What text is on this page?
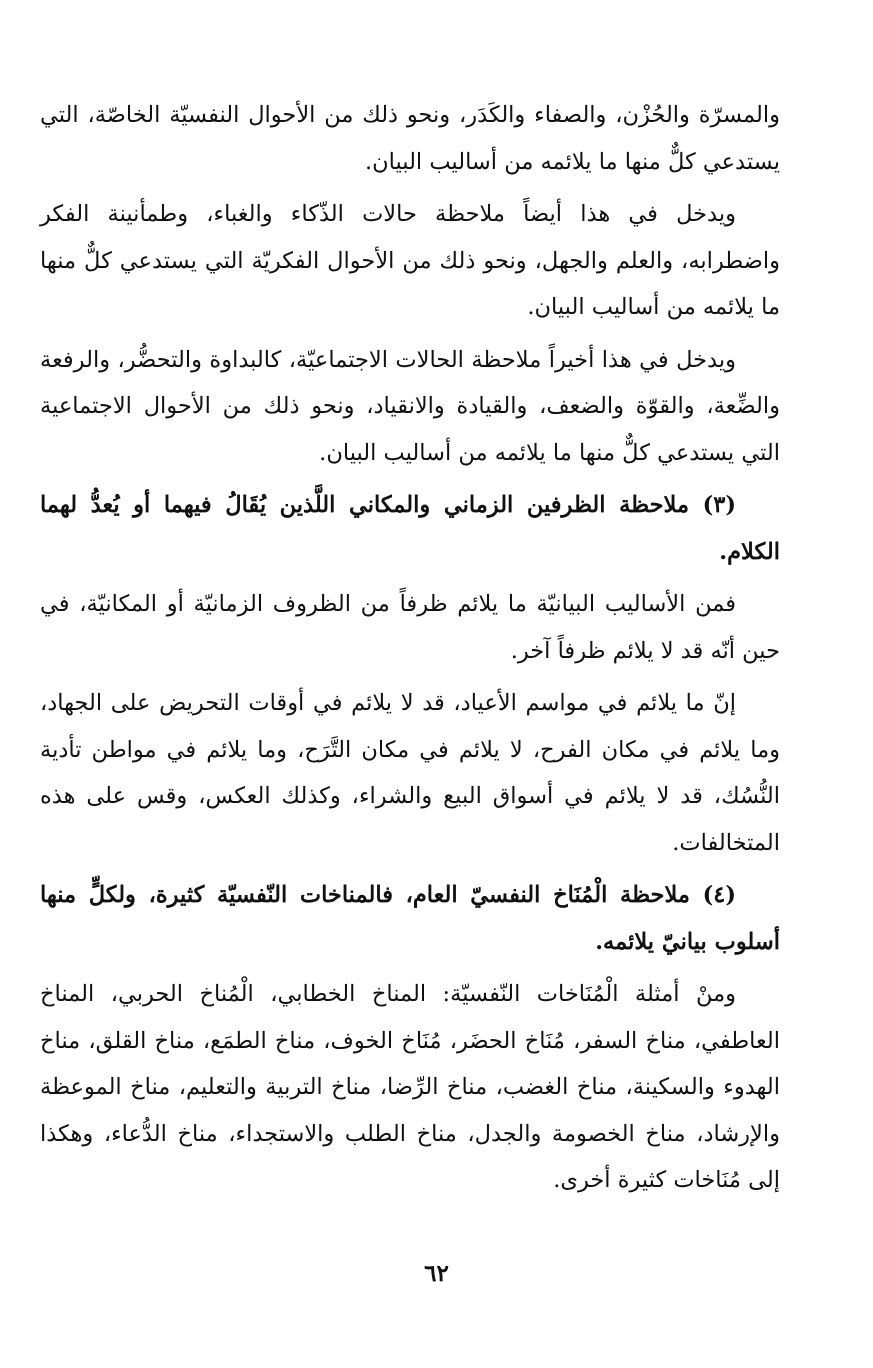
والمسرّة والحُزْن، والصفاء والكَدَر، ونحو ذلك من الأحوال النفسيّة الخاصّة، التي يستدعي كلٌّ منها ما يلائمه من أساليب البيان.

ويدخل في هذا أيضاً ملاحظة حالات الذّكاء والغباء، وطمأنينة الفكر واضطرابه، والعلم والجهل، ونحو ذلك من الأحوال الفكريّة التي يستدعي كلٌّ منها ما يلائمه من أساليب البيان.

ويدخل في هذا أخيراً ملاحظة الحالات الاجتماعيّة، كالبداوة والتحضُّر، والرفعة والضِّعة، والقوّة والضعف، والقيادة والانقياد، ونحو ذلك من الأحوال الاجتماعية التي يستدعي كلٌّ منها ما يلائمه من أساليب البيان.

(٣) ملاحظة الظرفين الزماني والمكاني اللَّذين يُقَالُ فيهما أو يُعدُّ لهما الكلام.

فمن الأساليب البيانيّة ما يلائم ظرفاً من الظروف الزمانيّة أو المكانيّة، في حين أنّه قد لا يلائم ظرفاً آخر.

إنّ ما يلائم في مواسم الأعياد، قد لا يلائم في أوقات التحريض على الجهاد، وما يلائم في مكان الفرح، لا يلائم في مكان التَّرَح، وما يلائم في مواطن تأدية النُّسُك، قد لا يلائم في أسواق البيع والشراء، وكذلك العكس، وقس على هذه المتخالفات.

(٤) ملاحظة الْمُنَاخ النفسيّ العام، فالمناخات النّفسيّة كثيرة، ولكلٍّ منها أسلوب بيانيّ يلائمه.

ومنْ أمثلة الْمُنَاخات النّفسيّة: المناخ الخطابي، الْمُناخ الحربي، المناخ العاطفي، مناخ السفر، مُنَاخ الحضَر، مُنَاخ الخوف، مناخ الطمَع، مناخ القلق، مناخ الهدوء والسكينة، مناخ الغضب، مناخ الرِّضا، مناخ التربية والتعليم، مناخ الموعظة والإرشاد، مناخ الخصومة والجدل، مناخ الطلب والاستجداء، مناخ الدُّعاء، وهكذا إلى مُنَاخات كثيرة أخرى.

٦٢
